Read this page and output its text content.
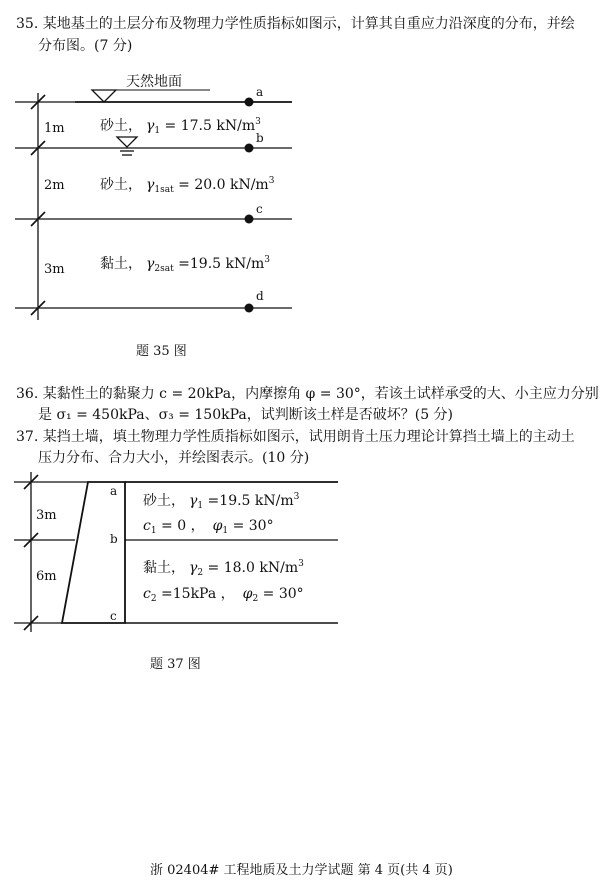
35. 某地基土的土层分布及物理力学性质指标如图示，计算其自重应力沿深度的分布，并绘
分布图。(7 分)
a
b
c
d
天然地面
1m
2m
3m
砂土， $\gamma_1 = 17.5$ $kN/m^3$
砂土， $\gamma_{1sat} = 20.0$ $kN/m^3$
黏土， $\gamma_{2sat} =19.5$ $kN/m^3$
题 35 图
36. 某黏性土的黏聚力 c = 20kPa，内摩擦角 φ = 30°，若该土试样承受的大、小主应力分别
是 σ₁ = 450kPa、σ₃ = 150kPa，试判断该土样是否破坏？(5 分)
37. 某挡土墙，填土物理力学性质指标如图示，试用朗肯土压力理论计算挡土墙上的主动土
压力分布、合力大小，并绘图表示。(10 分)
a
b
c
3m
6m
砂土， $\gamma_1 =19.5$ $kN/m^3$
$c_1 = 0$ ， $\varphi_1 = 30^\circ$
黏土， $\gamma_2 = 18.0$ $kN/m^3$
$c_2 =15kPa$ ， $\varphi_2 = 30^\circ$
题 37 图
浙 02404# 工程地质及土力学试题 第 4 页(共 4 页)
